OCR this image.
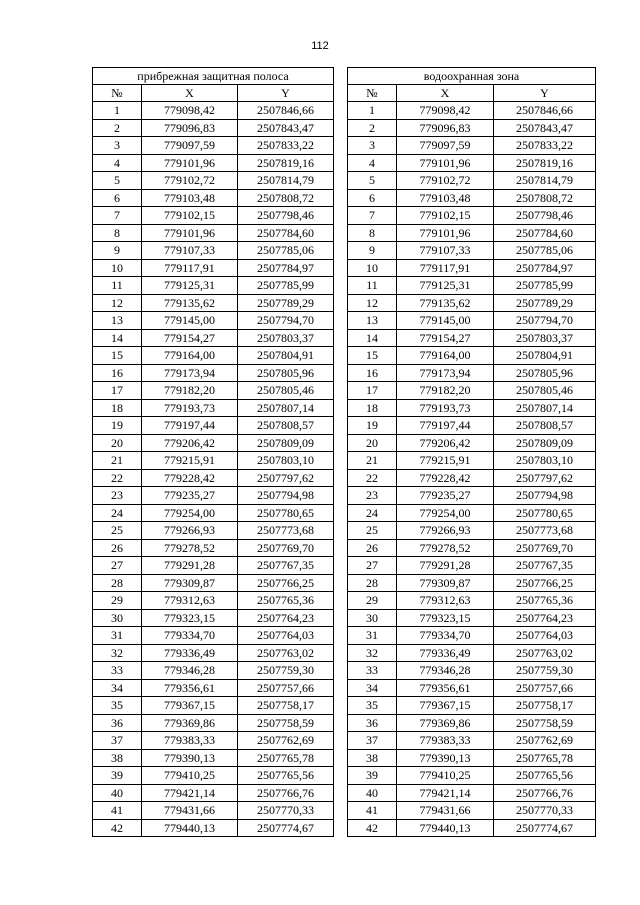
112
прибрежная защитная полоса				водоохранная зона		
№	X	Y		№	X	Y
1	779098,42	2507846,66		1	779098,42	2507846,66
2	779096,83	2507843,47		2	779096,83	2507843,47
3	779097,59	2507833,22		3	779097,59	2507833,22
4	779101,96	2507819,16		4	779101,96	2507819,16
5	779102,72	2507814,79		5	779102,72	2507814,79
6	779103,48	2507808,72		6	779103,48	2507808,72
7	779102,15	2507798,46		7	779102,15	2507798,46
8	779101,96	2507784,60		8	779101,96	2507784,60
9	779107,33	2507785,06		9	779107,33	2507785,06
10	779117,91	2507784,97		10	779117,91	2507784,97
11	779125,31	2507785,99		11	779125,31	2507785,99
12	779135,62	2507789,29		12	779135,62	2507789,29
13	779145,00	2507794,70		13	779145,00	2507794,70
14	779154,27	2507803,37		14	779154,27	2507803,37
15	779164,00	2507804,91		15	779164,00	2507804,91
16	779173,94	2507805,96		16	779173,94	2507805,96
17	779182,20	2507805,46		17	779182,20	2507805,46
18	779193,73	2507807,14		18	779193,73	2507807,14
19	779197,44	2507808,57		19	779197,44	2507808,57
20	779206,42	2507809,09		20	779206,42	2507809,09
21	779215,91	2507803,10		21	779215,91	2507803,10
22	779228,42	2507797,62		22	779228,42	2507797,62
23	779235,27	2507794,98		23	779235,27	2507794,98
24	779254,00	2507780,65		24	779254,00	2507780,65
25	779266,93	2507773,68		25	779266,93	2507773,68
26	779278,52	2507769,70		26	779278,52	2507769,70
27	779291,28	2507767,35		27	779291,28	2507767,35
28	779309,87	2507766,25		28	779309,87	2507766,25
29	779312,63	2507765,36		29	779312,63	2507765,36
30	779323,15	2507764,23		30	779323,15	2507764,23
31	779334,70	2507764,03		31	779334,70	2507764,03
32	779336,49	2507763,02		32	779336,49	2507763,02
33	779346,28	2507759,30		33	779346,28	2507759,30
34	779356,61	2507757,66		34	779356,61	2507757,66
35	779367,15	2507758,17		35	779367,15	2507758,17
36	779369,86	2507758,59		36	779369,86	2507758,59
37	779383,33	2507762,69		37	779383,33	2507762,69
38	779390,13	2507765,78		38	779390,13	2507765,78
39	779410,25	2507765,56		39	779410,25	2507765,56
40	779421,14	2507766,76		40	779421,14	2507766,76
41	779431,66	2507770,33		41	779431,66	2507770,33
42	779440,13	2507774,67		42	779440,13	2507774,67
